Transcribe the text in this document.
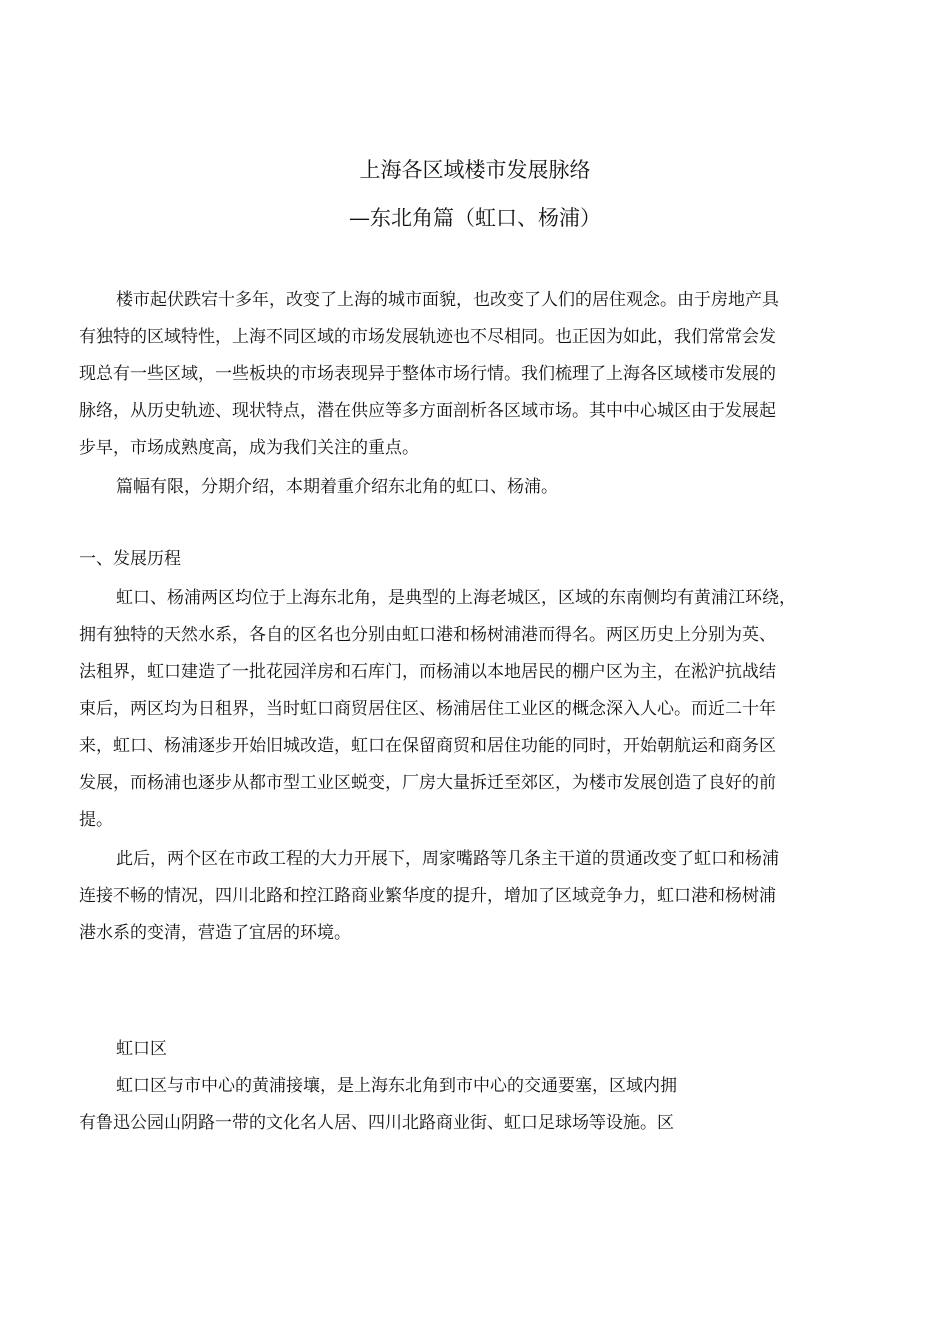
上海各区域楼市发展脉络
—东北角篇（虹口、杨浦）
楼市起伏跌宕十多年，改变了上海的城市面貌，也改变了人们的居住观念。由于房地产具
有独特的区域特性，上海不同区域的市场发展轨迹也不尽相同。也正因为如此，我们常常会发
现总有一些区域，一些板块的市场表现异于整体市场行情。我们梳理了上海各区域楼市发展的
脉络，从历史轨迹、现状特点，潜在供应等多方面剖析各区域市场。其中中心城区由于发展起
步早，市场成熟度高，成为我们关注的重点。
篇幅有限，分期介绍，本期着重介绍东北角的虹口、杨浦。
一、发展历程
虹口、杨浦两区均位于上海东北角，是典型的上海老城区，区域的东南侧均有黄浦江环绕，
拥有独特的天然水系，各自的区名也分别由虹口港和杨树浦港而得名。两区历史上分别为英、
法租界，虹口建造了一批花园洋房和石库门，而杨浦以本地居民的棚户区为主，在淞沪抗战结
束后，两区均为日租界，当时虹口商贸居住区、杨浦居住工业区的概念深入人心。而近二十年
来，虹口、杨浦逐步开始旧城改造，虹口在保留商贸和居住功能的同时，开始朝航运和商务区
发展，而杨浦也逐步从都市型工业区蜕变，厂房大量拆迁至郊区，为楼市发展创造了良好的前
提。
此后，两个区在市政工程的大力开展下，周家嘴路等几条主干道的贯通改变了虹口和杨浦
连接不畅的情况，四川北路和控江路商业繁华度的提升，增加了区域竞争力，虹口港和杨树浦
港水系的变清，营造了宜居的环境。
虹口区
虹口区与市中心的黄浦接壤，是上海东北角到市中心的交通要塞，区域内拥
有鲁迅公园山阴路一带的文化名人居、四川北路商业街、虹口足球场等设施。区
